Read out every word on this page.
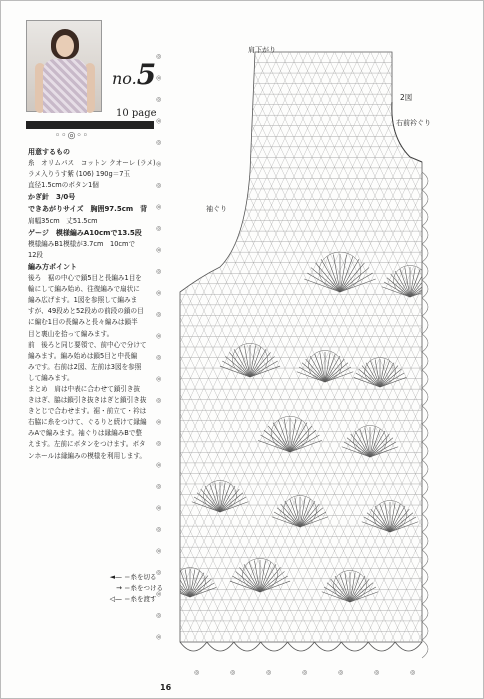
no.5
10 page
◦◦◎◦◦
用意するもの
糸　オリムパス　コットン クオーレ (ラメ)
ラメ入りうす紫 (106) 190g＝7玉
直径1.5cmのボタン1個
かぎ針　3/0号
できあがりサイズ　胸囲97.5cm　背
肩幅35cm　丈51.5cm
ゲージ　模様編みA10cmで13.5段
模様編みB1模様が3.7cm　10cmで
12段
編み方ポイント
後ろ　裾の中心で鎖5目と長編み1目を
輪にして編み始め、往復編みで扇状に
編み広げます。1図を参照して編みま
すが、49段めと52段めの前段の鎖の目
に編む1目の長編みと長々編みは鎖半
目と裏山を拾って編みます。
前　後ろと同じ要領で、前中心で分けて
編みます。編み始めは鎖5目と中長編
みです。右前は2図、左前は3図を参照
して編みます。
まとめ　肩は中表に合わせて鎖引き抜
きはぎ、脇は鎖引き抜きはぎと鎖引き抜
きとじで合わせます。裾・前立て・衿は
右脇に糸をつけて、ぐるりと続けて縁編
みAで編みます。袖ぐりは縁編みBで整
えます。左前にボタンをつけます。ボタ
ンホールは縁編みの模様を利用します。
◄— ＝糸を切る
→ ＝糸をつける
◁— ＝糸を渡す
◎
◎
◎
◎
◎
◎
◎
◎
◎
◎
◎
◎
◎
◎
◎
◎
◎
◎
◎
◎
◎
◎
◎
◎
◎
◎
◎
◎
◎	◎	◎	◎	◎	◎	◎
肩下がり
2図
右前衿ぐり
袖ぐり
16
